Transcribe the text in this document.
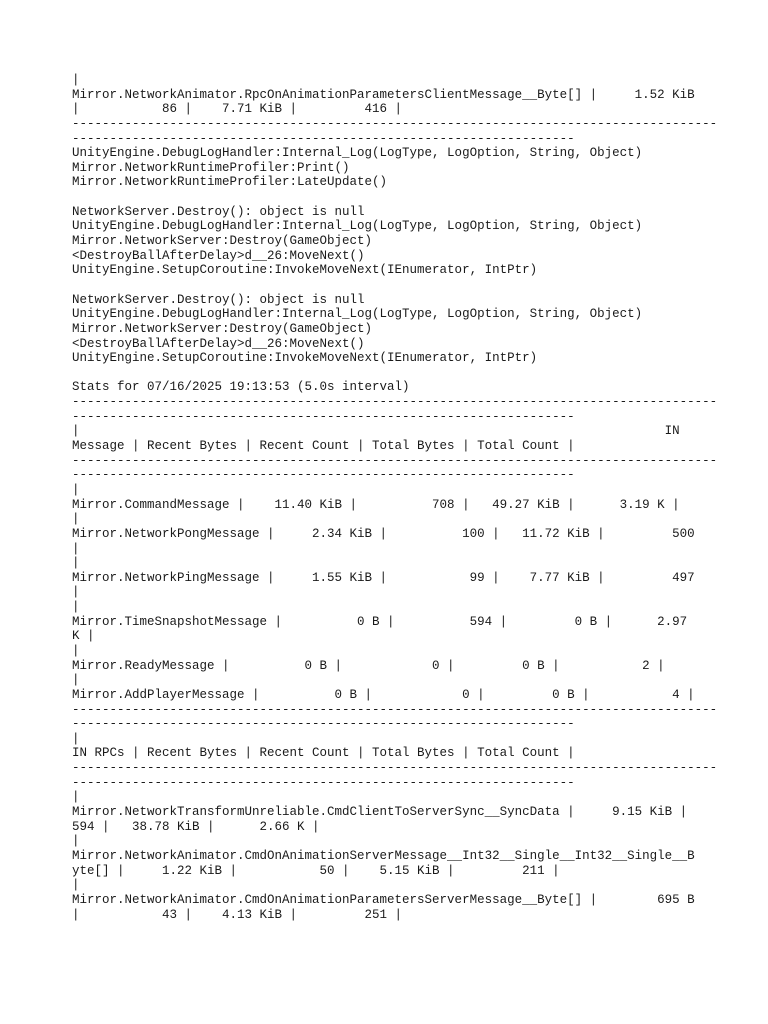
|
Mirror.NetworkAnimator.RpcOnAnimationParametersClientMessage__Byte[] |     1.52 KiB
|           86 |    7.71 KiB |         416 |
--------------------------------------------------------------------------------------
-------------------------------------------------------------------
UnityEngine.DebugLogHandler:Internal_Log(LogType, LogOption, String, Object)
Mirror.NetworkRuntimeProfiler:Print()
Mirror.NetworkRuntimeProfiler:LateUpdate()
NetworkServer.Destroy(): object is null
UnityEngine.DebugLogHandler:Internal_Log(LogType, LogOption, String, Object)
Mirror.NetworkServer:Destroy(GameObject)
<DestroyBallAfterDelay>d__26:MoveNext()
UnityEngine.SetupCoroutine:InvokeMoveNext(IEnumerator, IntPtr)
NetworkServer.Destroy(): object is null
UnityEngine.DebugLogHandler:Internal_Log(LogType, LogOption, String, Object)
Mirror.NetworkServer:Destroy(GameObject)
<DestroyBallAfterDelay>d__26:MoveNext()
UnityEngine.SetupCoroutine:InvokeMoveNext(IEnumerator, IntPtr)
Stats for 07/16/2025 19:13:53 (5.0s interval)
--------------------------------------------------------------------------------------
-------------------------------------------------------------------
|                                                                              IN
Message | Recent Bytes | Recent Count | Total Bytes | Total Count |
--------------------------------------------------------------------------------------
-------------------------------------------------------------------
|
Mirror.CommandMessage |    11.40 KiB |          708 |   49.27 KiB |      3.19 K |
|
Mirror.NetworkPongMessage |     2.34 KiB |          100 |   11.72 KiB |         500
|
|
Mirror.NetworkPingMessage |     1.55 KiB |           99 |    7.77 KiB |         497
|
|
Mirror.TimeSnapshotMessage |          0 B |          594 |         0 B |      2.97
K |
|
Mirror.ReadyMessage |          0 B |            0 |         0 B |           2 |
|
Mirror.AddPlayerMessage |          0 B |            0 |         0 B |           4 |
--------------------------------------------------------------------------------------
-------------------------------------------------------------------
|
IN RPCs | Recent Bytes | Recent Count | Total Bytes | Total Count |
--------------------------------------------------------------------------------------
-------------------------------------------------------------------
|
Mirror.NetworkTransformUnreliable.CmdClientToServerSync__SyncData |     9.15 KiB |
594 |   38.78 KiB |      2.66 K |
|
Mirror.NetworkAnimator.CmdOnAnimationServerMessage__Int32__Single__Int32__Single__B
yte[] |     1.22 KiB |           50 |    5.15 KiB |         211 |
|
Mirror.NetworkAnimator.CmdOnAnimationParametersServerMessage__Byte[] |        695 B
|           43 |    4.13 KiB |         251 |
